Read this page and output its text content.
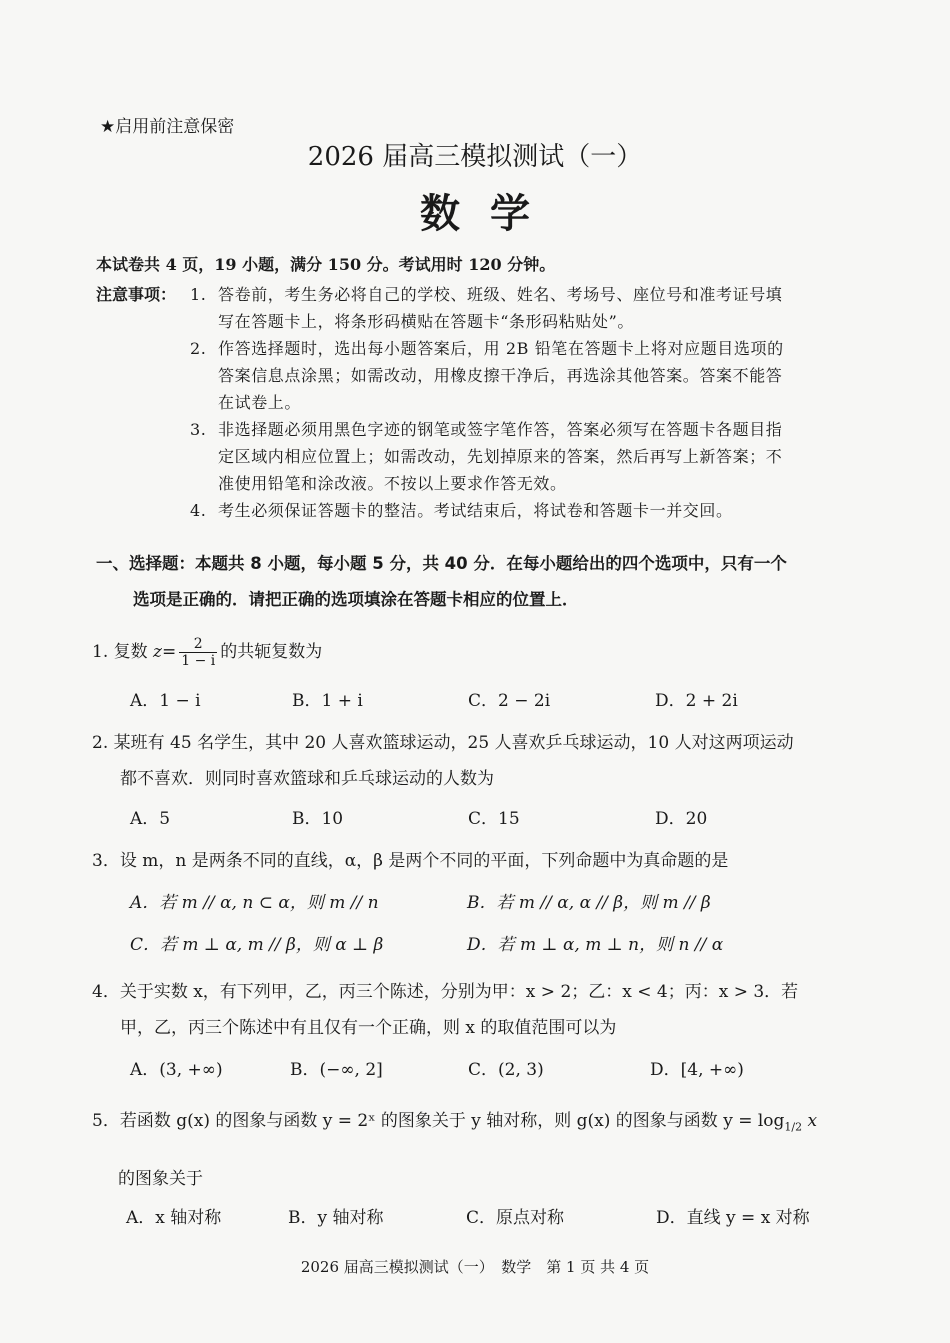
★启用前注意保密
2026 届高三模拟测试（一）
数学
本试卷共 4 页，19 小题，满分 150 分。考试用时 120 分钟。
注意事项： 1. 答卷前，考生务必将自己的学校、班级、姓名、考场号、座位号和准考证号填
写在答题卡上，将条形码横贴在答题卡“条形码粘贴处”。
2. 作答选择题时，选出每小题答案后，用 2B 铅笔在答题卡上将对应题目选项的
答案信息点涂黑；如需改动，用橡皮擦干净后，再选涂其他答案。答案不能答
在试卷上。
3. 非选择题必须用黑色字迹的钢笔或签字笔作答，答案必须写在答题卡各题目指
定区域内相应位置上；如需改动，先划掉原来的答案，然后再写上新答案；不
准使用铅笔和涂改液。不按以上要求作答无效。
4. 考生必须保证答题卡的整洁。考试结束后，将试卷和答题卡一并交回。
一、选择题：本题共 8 小题，每小题 5 分，共 40 分．在每小题给出的四个选项中，只有一个
选项是正确的．请把正确的选项填涂在答题卡相应的位置上．
1. 复数 $z= \frac{2}{1 - i}$ 的共轭复数为
A．1 − i	B．1 + i	C．2 − 2i	D．2 + 2i
2. 某班有 45 名学生，其中 20 人喜欢篮球运动，25 人喜欢乒乓球运动，10 人对这两项运动
都不喜欢．则同时喜欢篮球和乒乓球运动的人数为
A．5	B．10	C．15	D．20
3．设 m，n 是两条不同的直线，α，β 是两个不同的平面，下列命题中为真命题的是
A．若 m // α, n ⊂ α，则 m // n	B．若 m // α, α // β，则 m // β
C．若 m ⊥ α, m // β，则 α ⊥ β	D．若 m ⊥ α, m ⊥ n，则 n // α
4．关于实数 x，有下列甲，乙，丙三个陈述，分别为甲：x > 2；乙：x < 4；丙：x > 3．若
甲，乙，丙三个陈述中有且仅有一个正确，则 x 的取值范围可以为
A．(3, +∞)	B．(−∞, 2]	C．(2, 3)	D．[4, +∞)
5．若函数 g(x) 的图象与函数 y = 2ˣ 的图象关于 y 轴对称，则 g(x) 的图象与函数 $y = \log_{1/2} x$
的图象关于
A．x 轴对称	B．y 轴对称	C．原点对称	D．直线 y = x 对称
2026 届高三模拟测试（一）　数学　第 1 页 共 4 页
